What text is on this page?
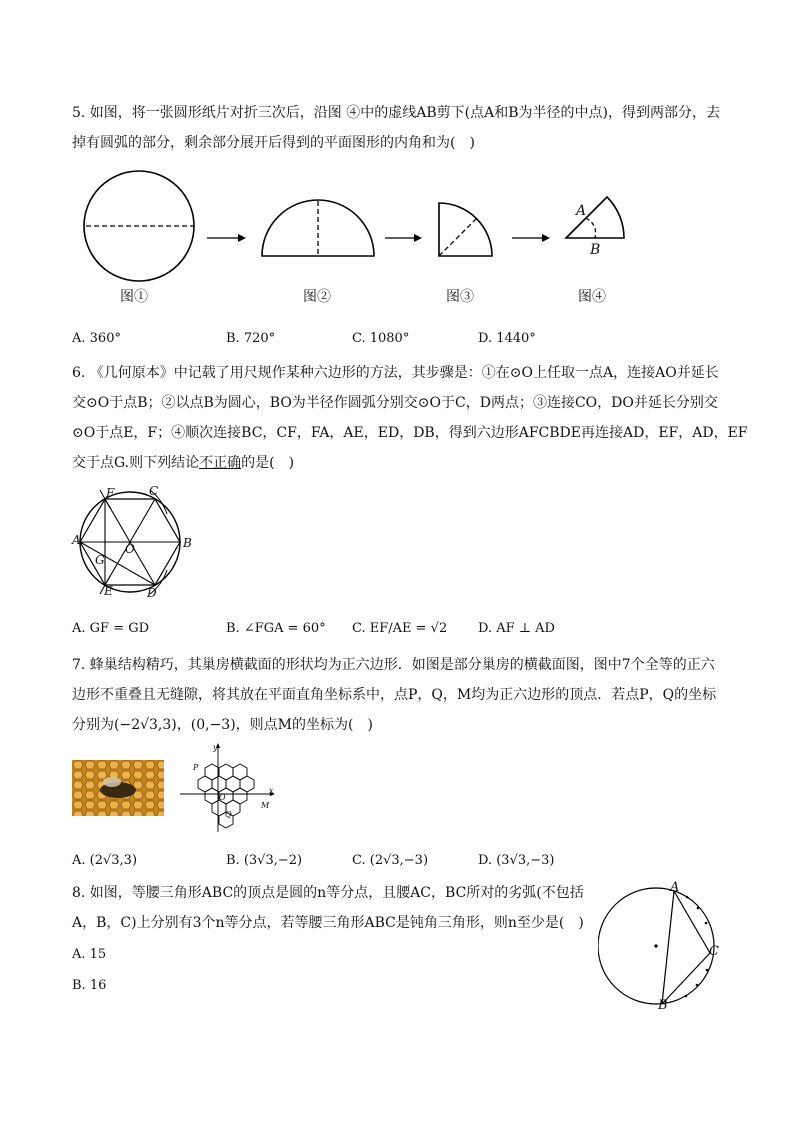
5. 如图，将一张圆形纸片对折三次后，沿图 ④中的虚线AB剪下(点A和B为半径的中点)，得到两部分，去
掉有圆弧的部分，剩余部分展开后得到的平面图形的内角和为(　)
A
B
图①	图②	图③	图④
A. 360°	B. 720°	C. 1080°	D. 1440°
6. 《几何原本》中记载了用尺规作某种六边形的方法，其步骤是：①在⊙O上任取一点A，连接AO并延长
交⊙O于点B；②以点B为圆心，BO为半径作圆弧分别交⊙O于C，D两点；③连接CO，DO并延长分别交
⊙O于点E，F；④顺次连接BC，CF，FA，AE，ED，DB，得到六边形AFCBDE再连接AD，EF，AD，EF
交于点G.则下列结论不正确的是(　)
F	C
A	B
O
G
E	D
A. GF = GD	B. ∠FGA = 60° C. EF/AE = √2 D. AF ⊥ AD
7. 蜂巢结构精巧，其巢房横截面的形状均为正六边形．如图是部分巢房的横截面图，图中7个全等的正六
边形不重叠且无缝隙，将其放在平面直角坐标系中，点P，Q，M均为正六边形的顶点．若点P，Q的坐标
分别为(−2√3,3)，(0,−3)，则点M的坐标为(　)
y
x
P
O
Q
M
A. (2√3,3)	B. (3√3,−2)	C. (2√3,−3)	D. (3√3,−3)
8. 如图，等腰三角形ABC的顶点是圆的n等分点，且腰AC，BC所对的劣弧(不包括
A，B，C)上分别有3个n等分点，若等腰三角形ABC是钝角三角形，则n至少是(　)
A. 15
B. 16
A
C
B
